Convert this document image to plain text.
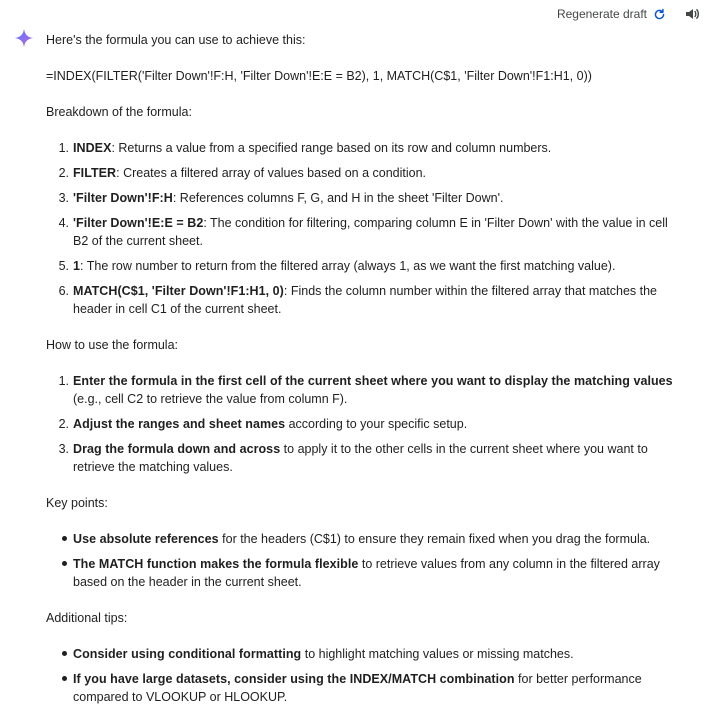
Regenerate draft

Here's the formula you can use to achieve this:

=INDEX(FILTER('Filter Down'!F:H, 'Filter Down'!E:E = B2), 1, MATCH(C$1, 'Filter Down'!F1:H1, 0))

Breakdown of the formula:

1. INDEX: Returns a value from a specified range based on its row and column numbers.
2. FILTER: Creates a filtered array of values based on a condition.
3. 'Filter Down'!F:H: References columns F, G, and H in the sheet 'Filter Down'.
4. 'Filter Down'!E:E = B2: The condition for filtering, comparing column E in 'Filter Down' with the value in cell B2 of the current sheet.
5. 1: The row number to return from the filtered array (always 1, as we want the first matching value).
6. MATCH(C$1, 'Filter Down'!F1:H1, 0): Finds the column number within the filtered array that matches the header in cell C1 of the current sheet.

How to use the formula:

1. Enter the formula in the first cell of the current sheet where you want to display the matching values (e.g., cell C2 to retrieve the value from column F).
2. Adjust the ranges and sheet names according to your specific setup.
3. Drag the formula down and across to apply it to the other cells in the current sheet where you want to retrieve the matching values.

Key points:

Use absolute references for the headers (C$1) to ensure they remain fixed when you drag the formula.
The MATCH function makes the formula flexible to retrieve values from any column in the filtered array based on the header in the current sheet.

Additional tips:

Consider using conditional formatting to highlight matching values or missing matches.
If you have large datasets, consider using the INDEX/MATCH combination for better performance compared to VLOOKUP or HLOOKUP.
